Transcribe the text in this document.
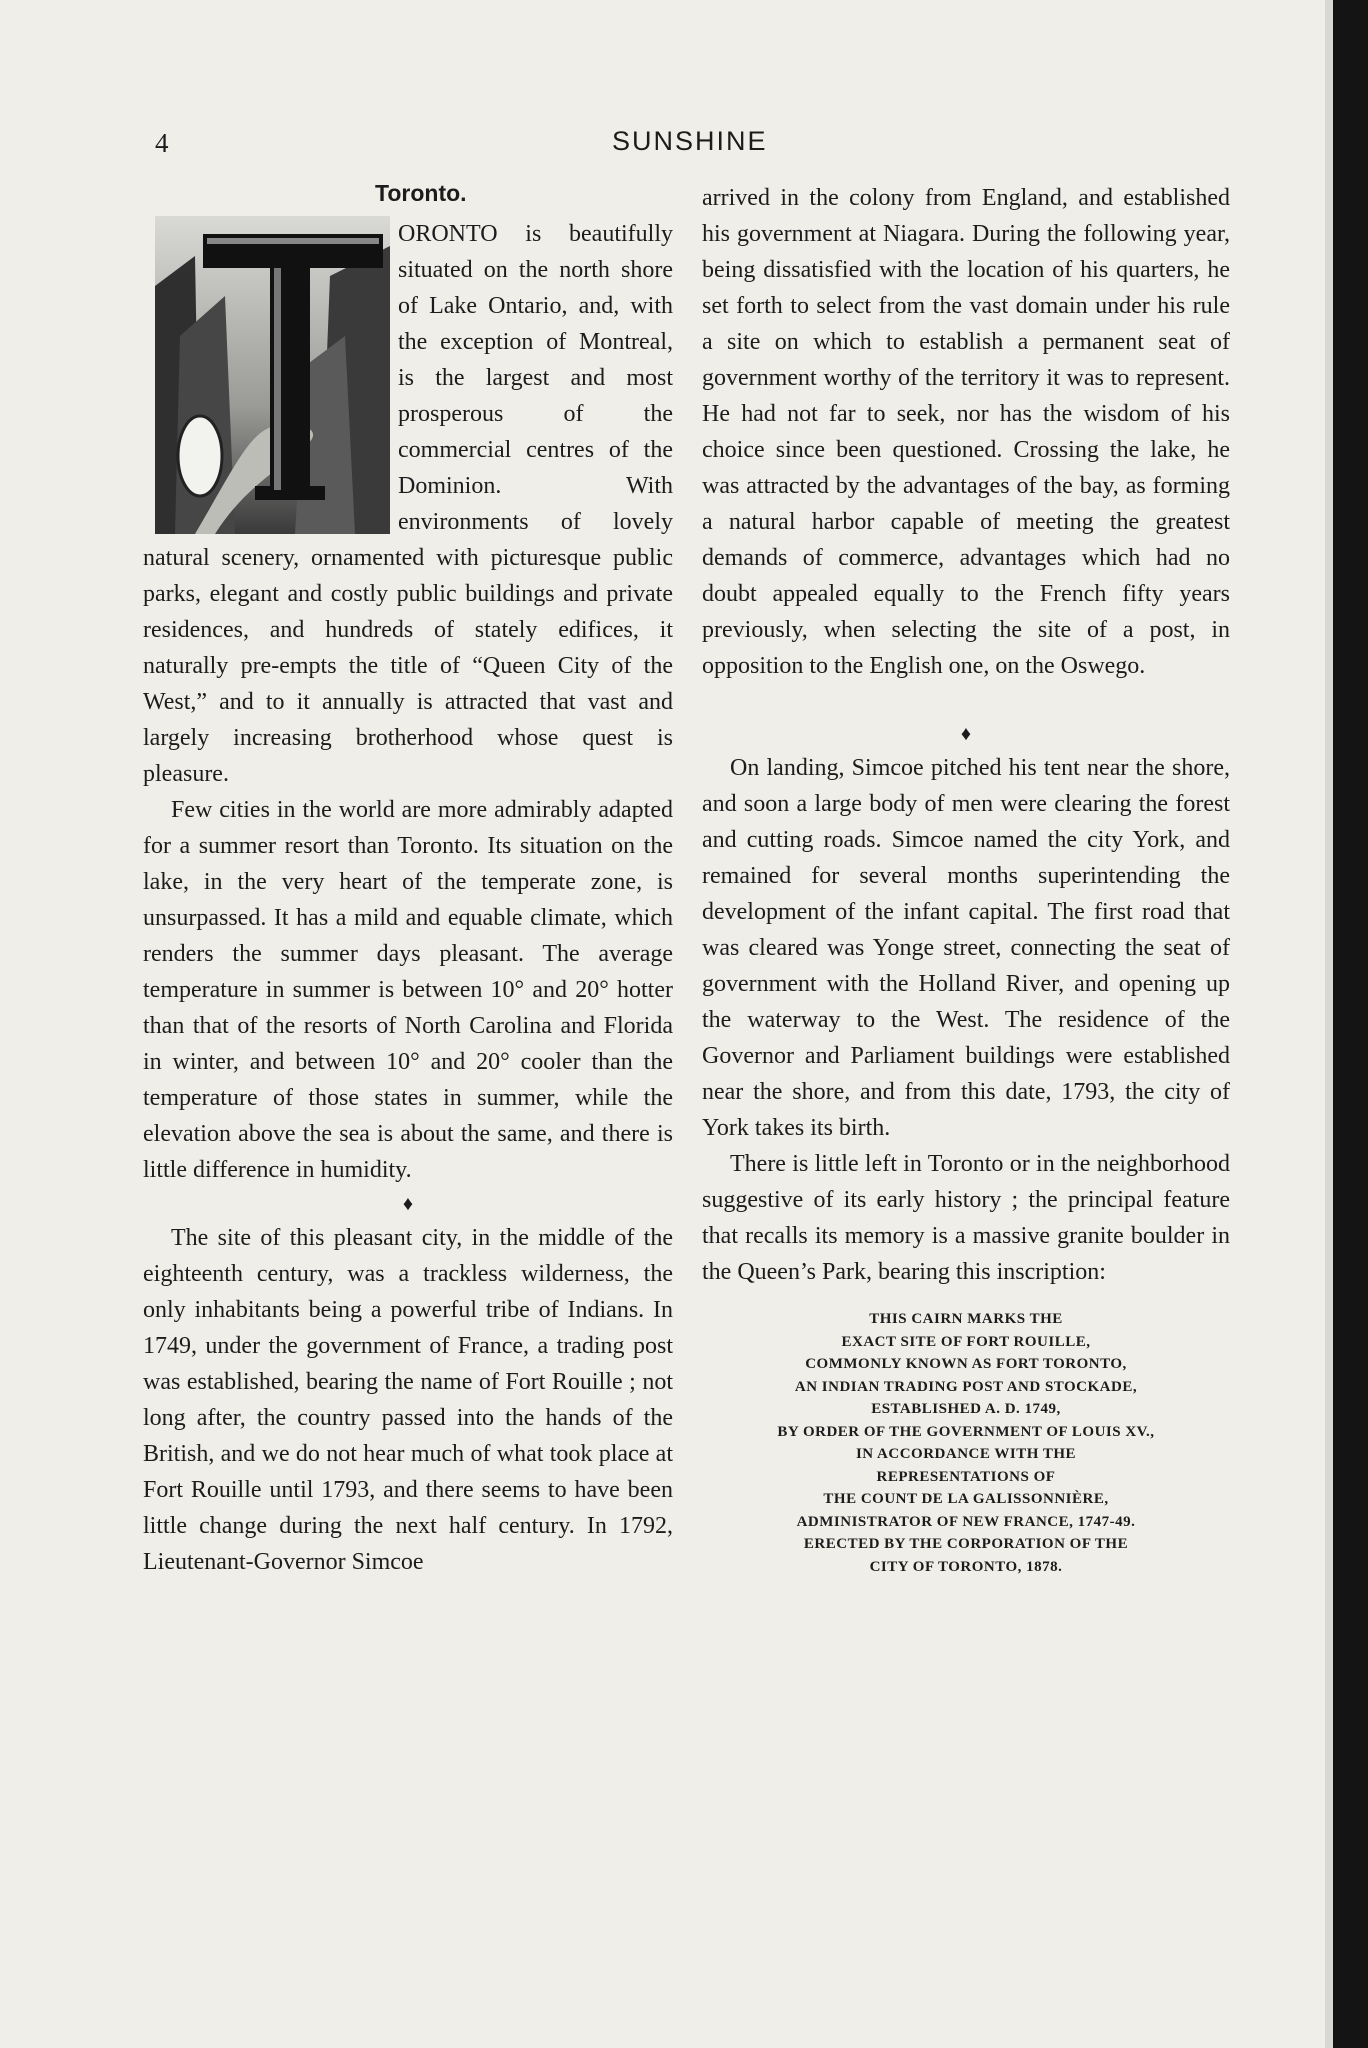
4	SUNSHINE
Toronto.

ORONTO is beautifully situated on the north shore of Lake Ontario, and, with the exception of Montreal, is the largest and most prosperous of the commercial centres of the Dominion. With environments of lovely natural scenery, ornamented with picturesque public parks, elegant and costly public buildings and private residences, and hundreds of stately edifices, it naturally pre-empts the title of “Queen City of the West,” and to it annually is attracted that vast and largely increasing brotherhood whose quest is pleasure.

Few cities in the world are more admirably adapted for a summer resort than Toronto. Its situation on the lake, in the very heart of the temperate zone, is unsurpassed. It has a mild and equable climate, which renders the summer days pleasant. The average temperature in summer is between 10° and 20° hotter than that of the resorts of North Carolina and Florida in winter, and between 10° and 20° cooler than the temperature of those states in summer, while the elevation above the sea is about the same, and there is little difference in humidity.

♦

The site of this pleasant city, in the middle of the eighteenth century, was a trackless wilderness, the only inhabitants being a powerful tribe of Indians. In 1749, under the government of France, a trading post was established, bearing the name of Fort Rouille ; not long after, the country passed into the hands of the British, and we do not hear much of what took place at Fort Rouille until 1793, and there seems to have been little change during the next half century. In 1792, Lieutenant-Governor Simcoe

arrived in the colony from England, and established his government at Niagara. During the following year, being dissatisfied with the location of his quarters, he set forth to select from the vast domain under his rule a site on which to establish a permanent seat of government worthy of the territory it was to represent. He had not far to seek, nor has the wisdom of his choice since been questioned. Crossing the lake, he was attracted by the advantages of the bay, as forming a natural harbor capable of meeting the greatest demands of commerce, advantages which had no doubt appealed equally to the French fifty years previously, when selecting the site of a post, in opposition to the English one, on the Oswego.

♦

On landing, Simcoe pitched his tent near the shore, and soon a large body of men were clearing the forest and cutting roads. Simcoe named the city York, and remained for several months superintending the development of the infant capital. The first road that was cleared was Yonge street, connecting the seat of government with the Holland River, and opening up the waterway to the West. The residence of the Governor and Parliament buildings were established near the shore, and from this date, 1793, the city of York takes its birth.

There is little left in Toronto or in the neighborhood suggestive of its early history ; the principal feature that recalls its memory is a massive granite boulder in the Queen’s Park, bearing this inscription:

THIS CAIRN MARKS THE
EXACT SITE OF FORT ROUILLE,
COMMONLY KNOWN AS FORT TORONTO,
AN INDIAN TRADING POST AND STOCKADE,
ESTABLISHED A. D. 1749,
BY ORDER OF THE GOVERNMENT OF LOUIS XV.,
IN ACCORDANCE WITH THE
REPRESENTATIONS OF
THE COUNT DE LA GALISSONNIÈRE,
ADMINISTRATOR OF NEW FRANCE, 1747-49.
ERECTED BY THE CORPORATION OF THE
CITY OF TORONTO, 1878.
